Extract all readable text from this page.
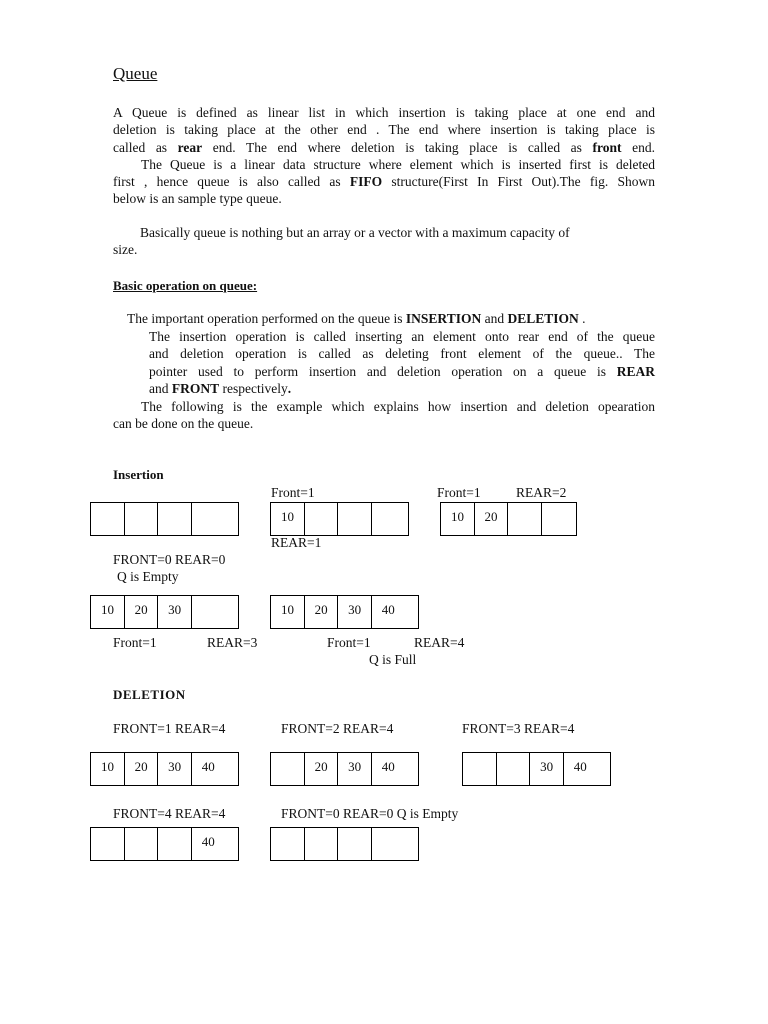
Queue
A Queue is defined as linear list in which insertion is taking place at one end and
deletion is taking place at the other end . The end where insertion is taking place is
called as rear end. The end where deletion is taking place is called as front end.
The Queue is a linear data structure where element which is inserted first is deleted
first , hence queue is also called as FIFO structure(First In First Out).The fig. Shown
below is an sample type queue.
Basically queue is nothing but an array or a vector with a maximum capacity of
size.
Basic operation on queue:
The important operation performed on the queue is INSERTION and DELETION .
The insertion operation is called inserting an element onto rear end of the queue
and deletion operation is called as deleting front element of the queue.. The
pointer used to perform insertion and deletion operation on a queue is REAR
and FRONT respectively.
The following is the example which explains how insertion and deletion opearation
can be done on the queue.
Insertion
Front=1	Front=1	REAR=2
10	10	20
REAR=1
FRONT=0 REAR=0
Q is Empty
10	20	30	10	20	30	40
Front=1	REAR=3	Front=1	REAR=4
Q is Full
DELETION
FRONT=1 REAR=4	FRONT=2 REAR=4	FRONT=3 REAR=4
10	20	30	40	20	30	40	30	40
FRONT=4 REAR=4	FRONT=0 REAR=0 Q is Empty
40
